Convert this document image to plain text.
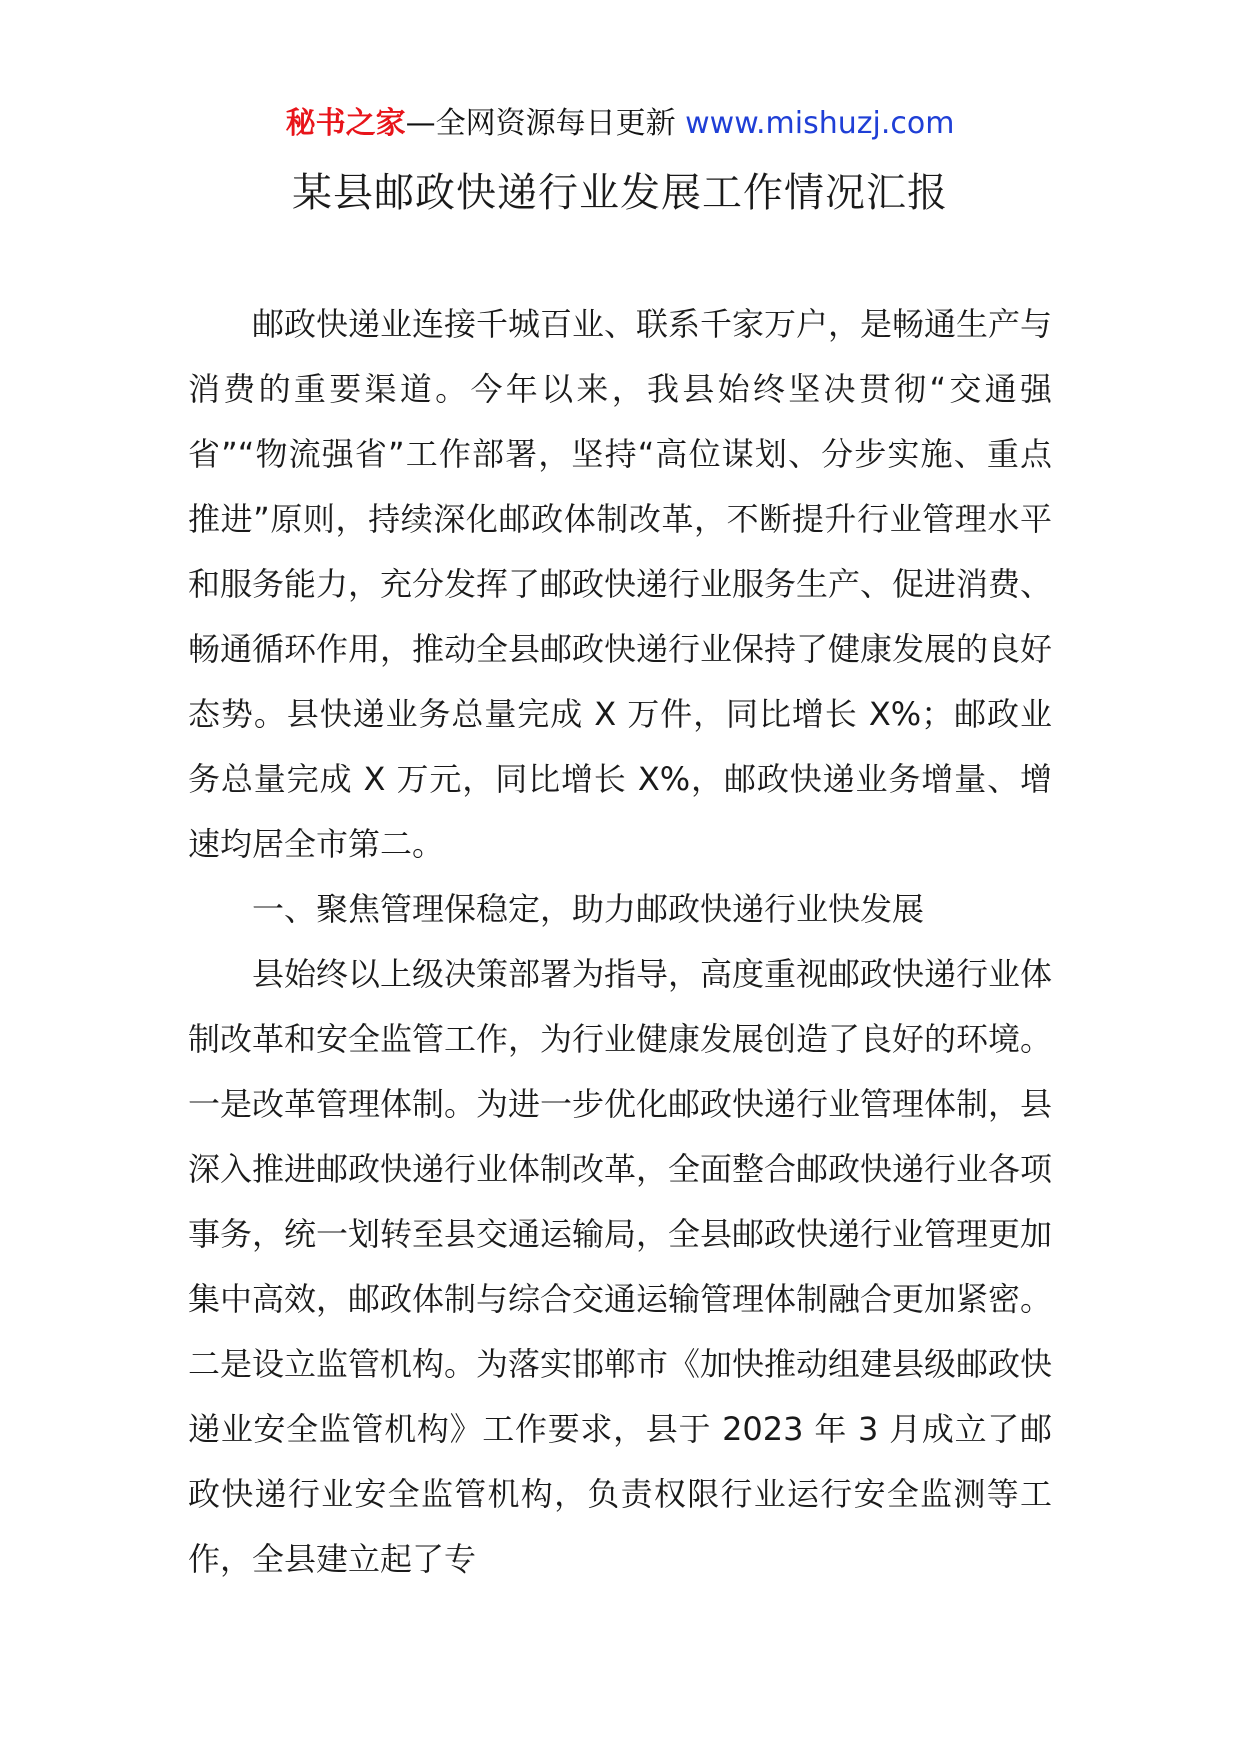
秘书之家—全网资源每日更新 www.mishuzj.com
某县邮政快递行业发展工作情况汇报

邮政快递业连接千城百业、联系千家万户，是畅通生产与消费的重要渠道。今年以来，我县始终坚决贯彻“交通强省”“物流强省”工作部署，坚持“高位谋划、分步实施、重点推进”原则，持续深化邮政体制改革，不断提升行业管理水平和服务能力，充分发挥了邮政快递行业服务生产、促进消费、畅通循环作用，推动全县邮政快递行业保持了健康发展的良好态势。县快递业务总量完成 X 万件，同比增长 X%；邮政业务总量完成 X 万元，同比增长 X%，邮政快递业务增量、增速均居全市第二。

一、聚焦管理保稳定，助力邮政快递行业快发展

县始终以上级决策部署为指导，高度重视邮政快递行业体制改革和安全监管工作，为行业健康发展创造了良好的环境。一是改革管理体制。为进一步优化邮政快递行业管理体制，县深入推进邮政快递行业体制改革，全面整合邮政快递行业各项事务，统一划转至县交通运输局，全县邮政快递行业管理更加集中高效，邮政体制与综合交通运输管理体制融合更加紧密。二是设立监管机构。为落实邯郸市《加快推动组建县级邮政快递业安全监管机构》工作要求，县于 2023 年 3 月成立了邮政快递行业安全监管机构，负责权限行业运行安全监测等工作，全县建立起了专
